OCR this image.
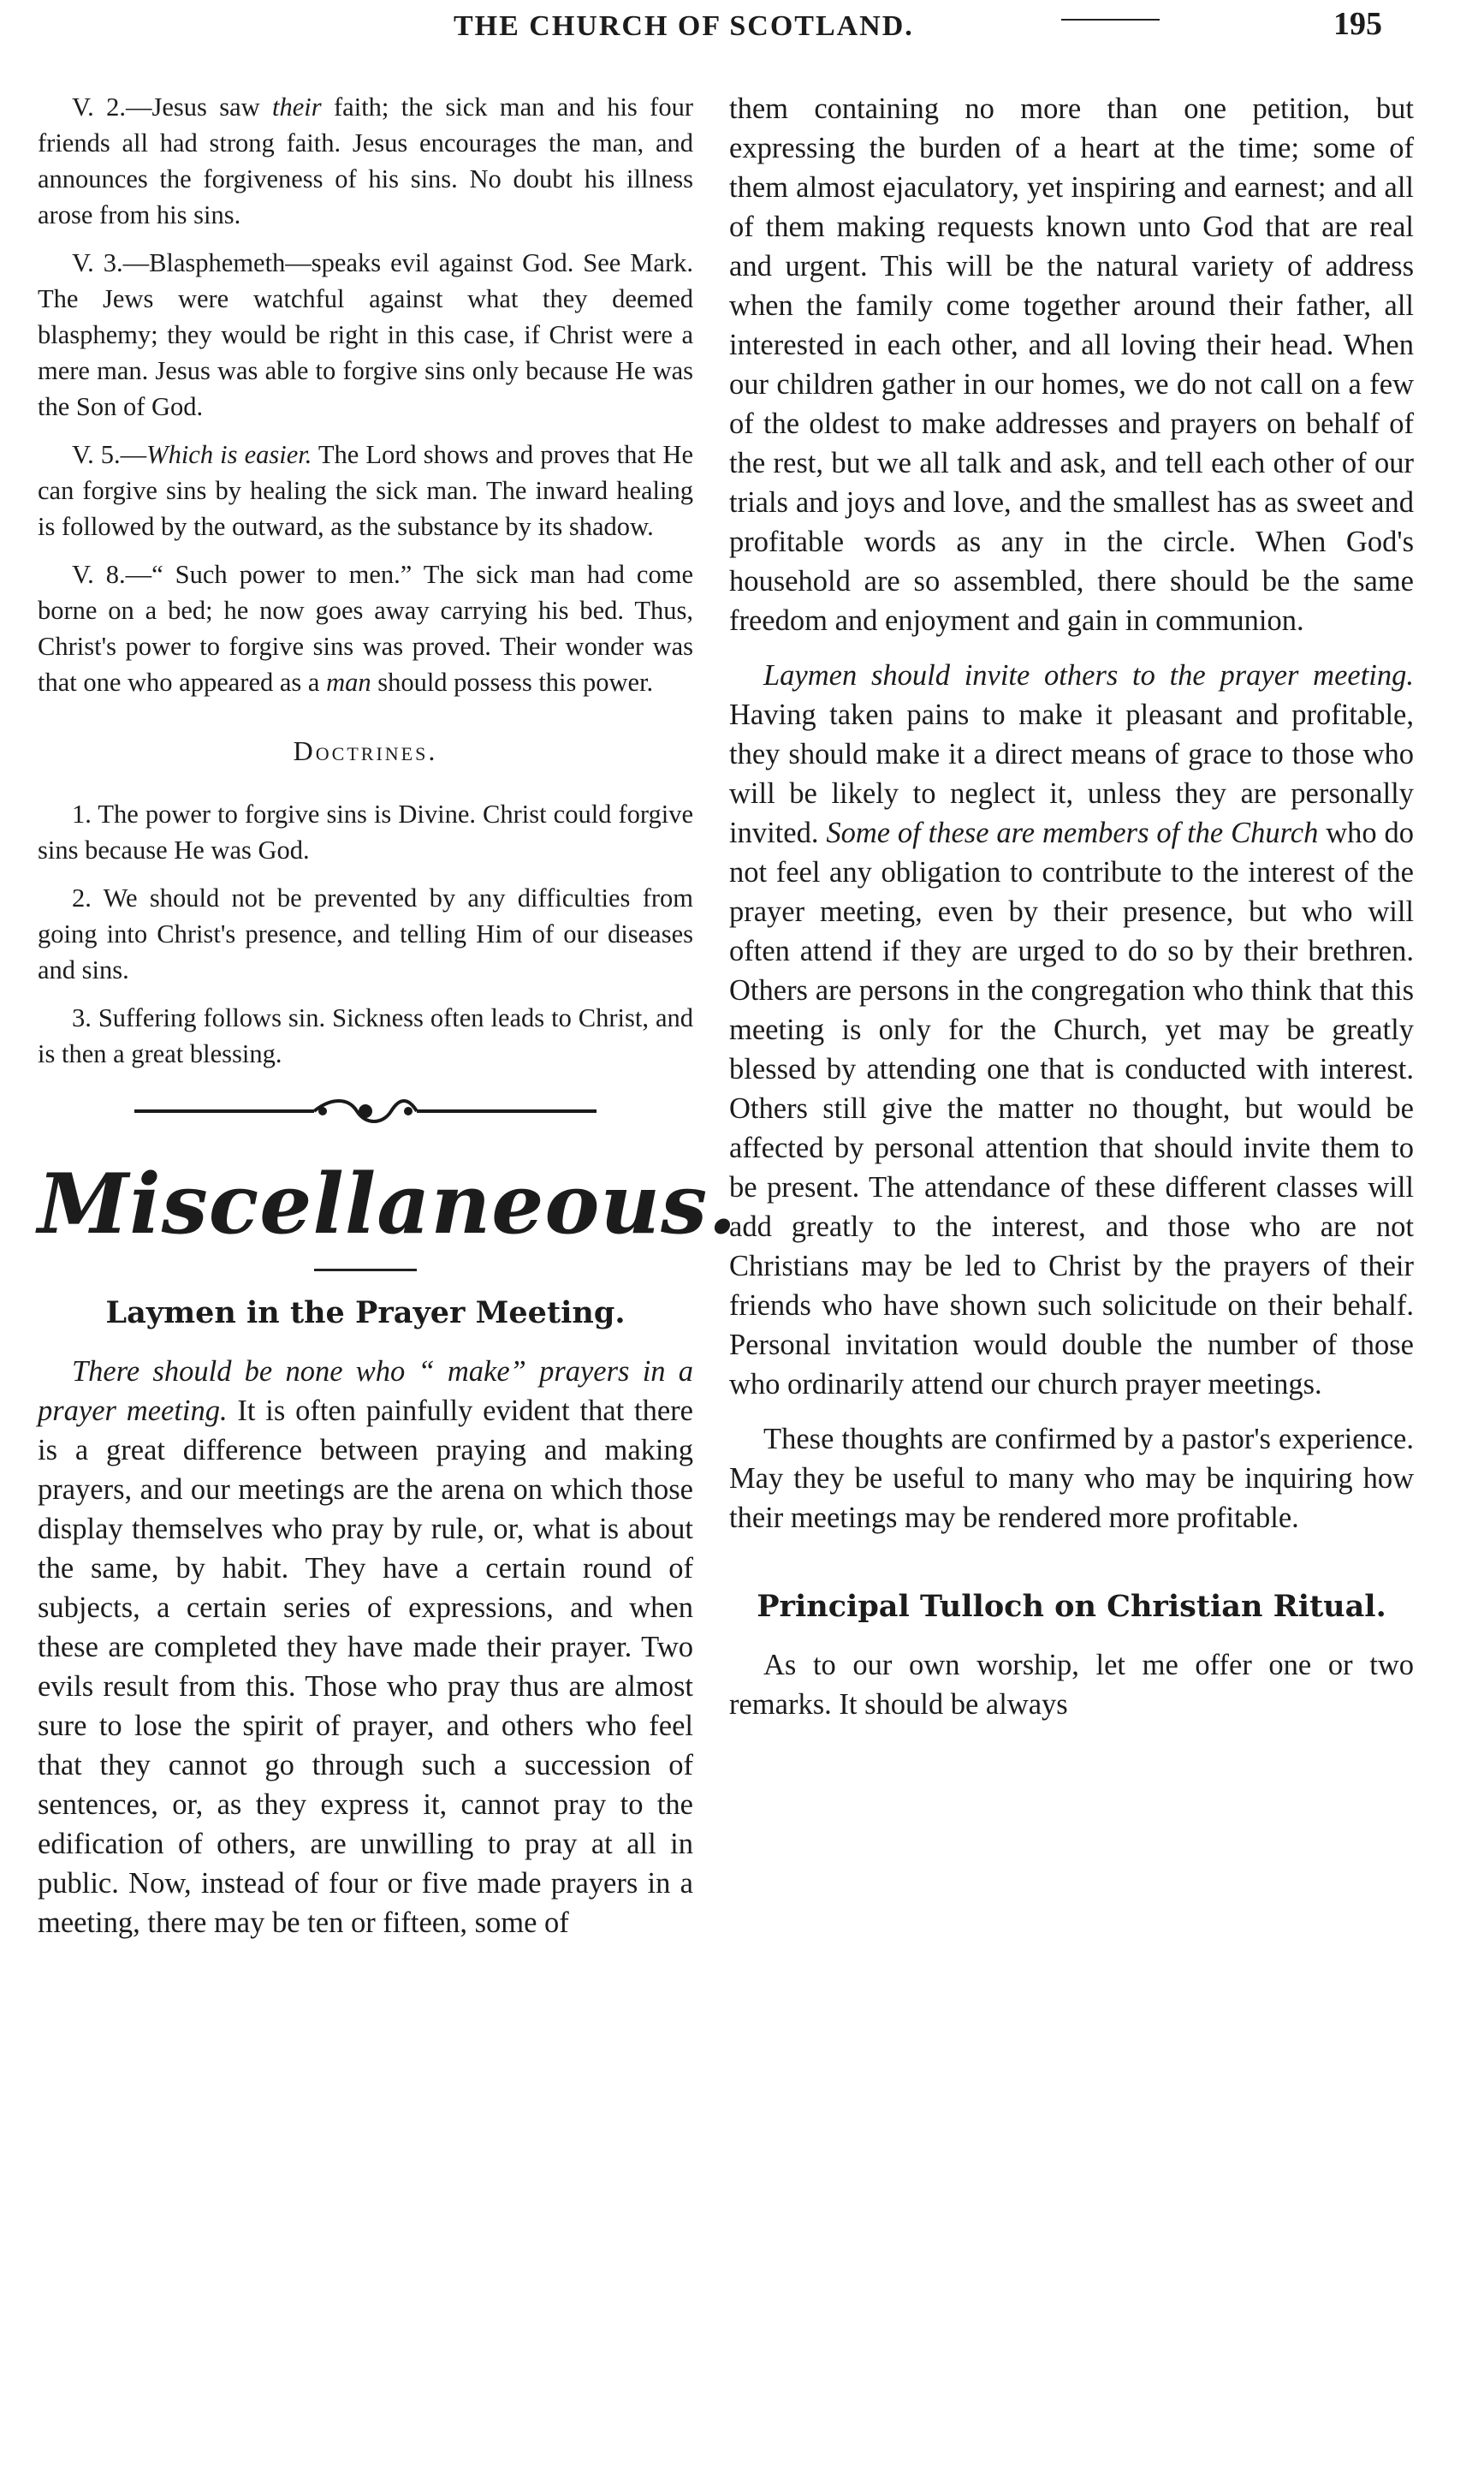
THE CHURCH OF SCOTLAND.	195

V. 2.—Jesus saw their faith; the sick man and his four friends all had strong faith. Jesus encourages the man, and announces the forgiveness of his sins. No doubt his illness arose from his sins.

V. 3.—Blasphemeth—speaks evil against God. See Mark. The Jews were watchful against what they deemed blasphemy; they would be right in this case, if Christ were a mere man. Jesus was able to forgive sins only because He was the Son of God.

V. 5.—Which is easier. The Lord shows and proves that He can forgive sins by healing the sick man. The inward healing is followed by the outward, as the substance by its shadow.

V. 8.—“ Such power to men.” The sick man had come borne on a bed; he now goes away carrying his bed. Thus, Christ's power to forgive sins was proved. Their wonder was that one who appeared as a man should possess this power.

Doctrines.

1. The power to forgive sins is Divine. Christ could forgive sins because He was God.

2. We should not be prevented by any difficulties from going into Christ's presence, and telling Him of our diseases and sins.

3. Suffering follows sin. Sickness often leads to Christ, and is then a great blessing.

Miscellaneous.

Laymen in the Prayer Meeting.

There should be none who “ make” prayers in a prayer meeting. It is often painfully evident that there is a great difference between praying and making prayers, and our meetings are the arena on which those display themselves who pray by rule, or, what is about the same, by habit. They have a certain round of subjects, a certain series of expressions, and when these are completed they have made their prayer. Two evils result from this. Those who pray thus are almost sure to lose the spirit of prayer, and others who feel that they cannot go through such a succession of sentences, or, as they express it, cannot pray to the edification of others, are unwilling to pray at all in public. Now, instead of four or five made prayers in a meeting, there may be ten or fifteen, some of

them containing no more than one petition, but expressing the burden of a heart at the time; some of them almost ejaculatory, yet inspiring and earnest; and all of them making requests known unto God that are real and urgent. This will be the natural variety of address when the family come together around their father, all interested in each other, and all loving their head. When our children gather in our homes, we do not call on a few of the oldest to make addresses and prayers on behalf of the rest, but we all talk and ask, and tell each other of our trials and joys and love, and the smallest has as sweet and profitable words as any in the circle. When God's household are so assembled, there should be the same freedom and enjoyment and gain in communion.

Laymen should invite others to the prayer meeting. Having taken pains to make it pleasant and profitable, they should make it a direct means of grace to those who will be likely to neglect it, unless they are personally invited. Some of these are members of the Church who do not feel any obligation to contribute to the interest of the prayer meeting, even by their presence, but who will often attend if they are urged to do so by their brethren. Others are persons in the congregation who think that this meeting is only for the Church, yet may be greatly blessed by attending one that is conducted with interest. Others still give the matter no thought, but would be affected by personal attention that should invite them to be present. The attendance of these different classes will add greatly to the interest, and those who are not Christians may be led to Christ by the prayers of their friends who have shown such solicitude on their behalf. Personal invitation would double the number of those who ordinarily attend our church prayer meetings.

These thoughts are confirmed by a pastor's experience. May they be useful to many who may be inquiring how their meetings may be rendered more profitable.

Principal Tulloch on Christian Ritual.

As to our own worship, let me offer one or two remarks. It should be always
